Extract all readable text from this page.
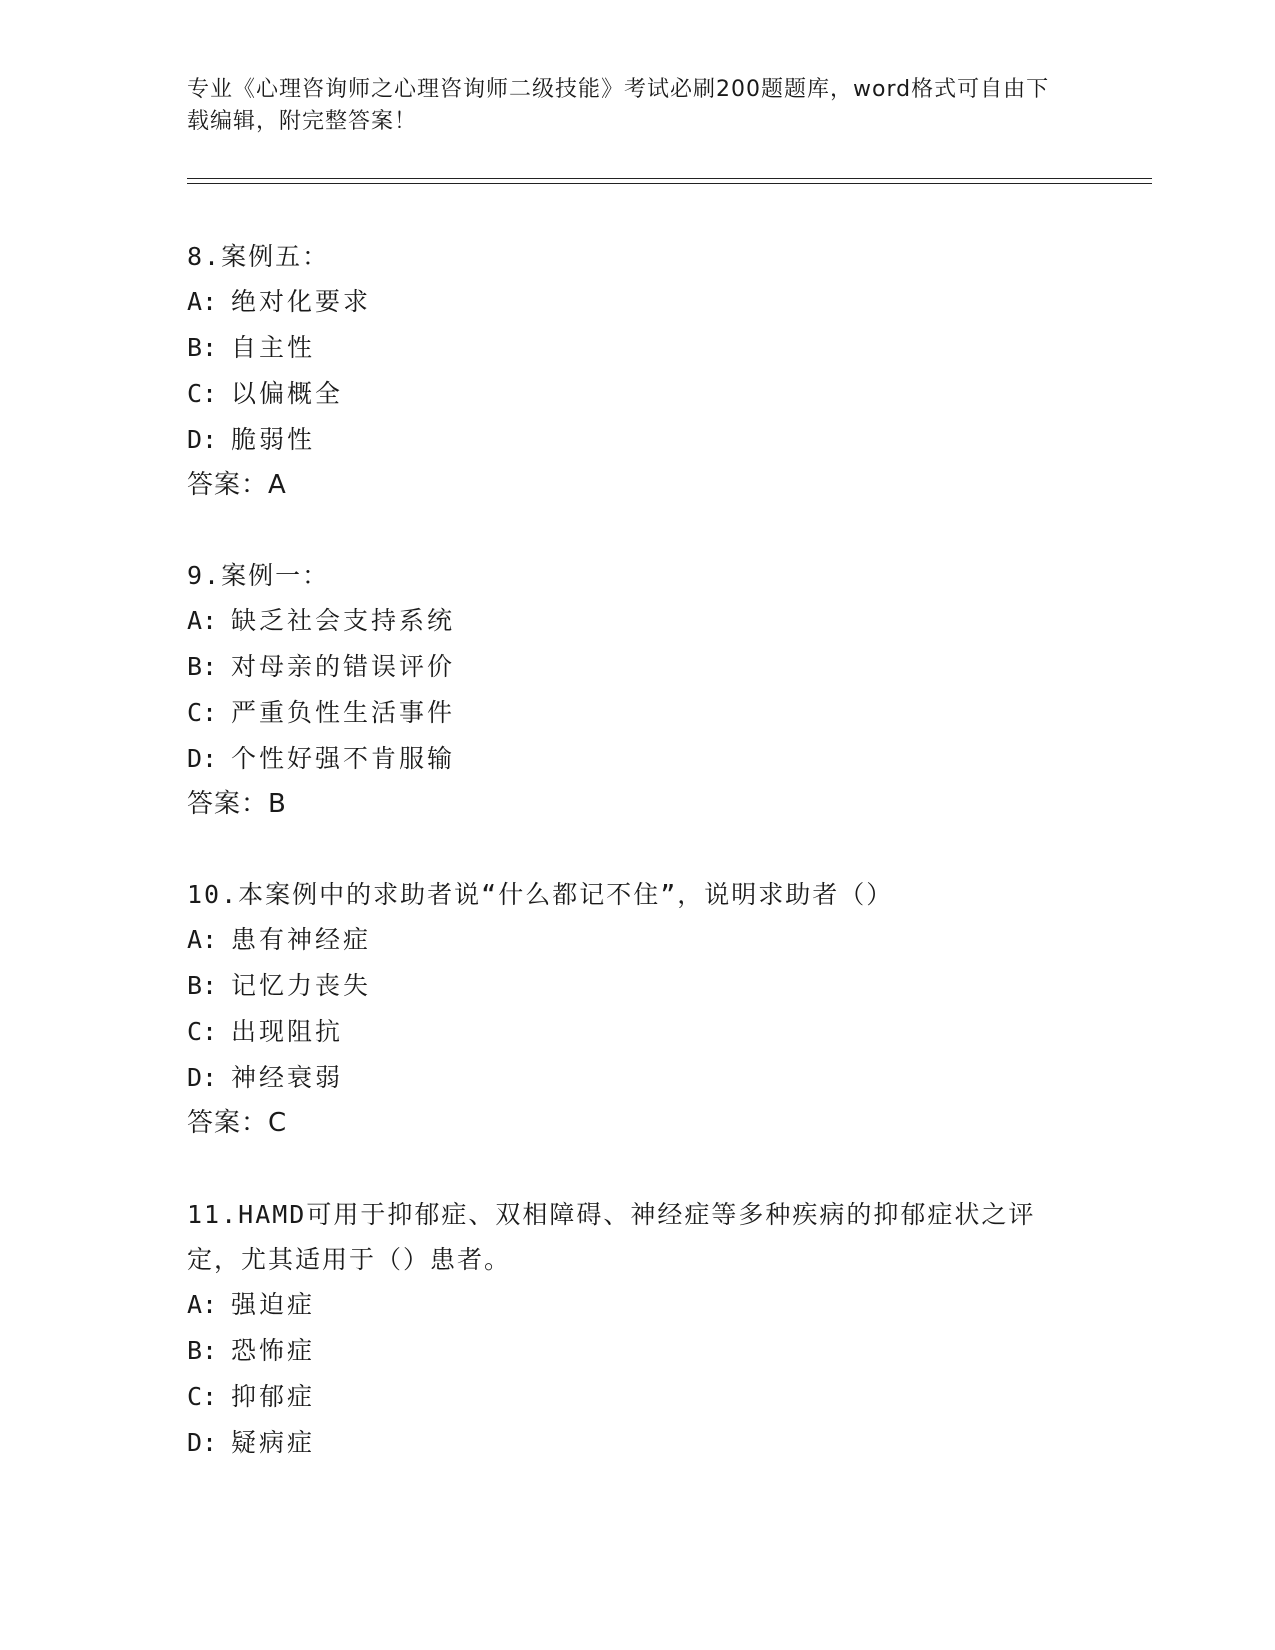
专业《心理咨询师之心理咨询师二级技能》考试必刷200题题库，word格式可自由下载编辑，附完整答案！
8.案例五：
A: 绝对化要求
B: 自主性
C: 以偏概全
D: 脆弱性
答案：A
9.案例一：
A: 缺乏社会支持系统
B: 对母亲的错误评价
C: 严重负性生活事件
D: 个性好强不肯服输
答案：B
10.本案例中的求助者说“什么都记不住”，说明求助者（）
A: 患有神经症
B: 记忆力丧失
C: 出现阻抗
D: 神经衰弱
答案：C
11.HAMD可用于抑郁症、双相障碍、神经症等多种疾病的抑郁症状之评定，尤其适用于（）患者。
A: 强迫症
B: 恐怖症
C: 抑郁症
D: 疑病症
